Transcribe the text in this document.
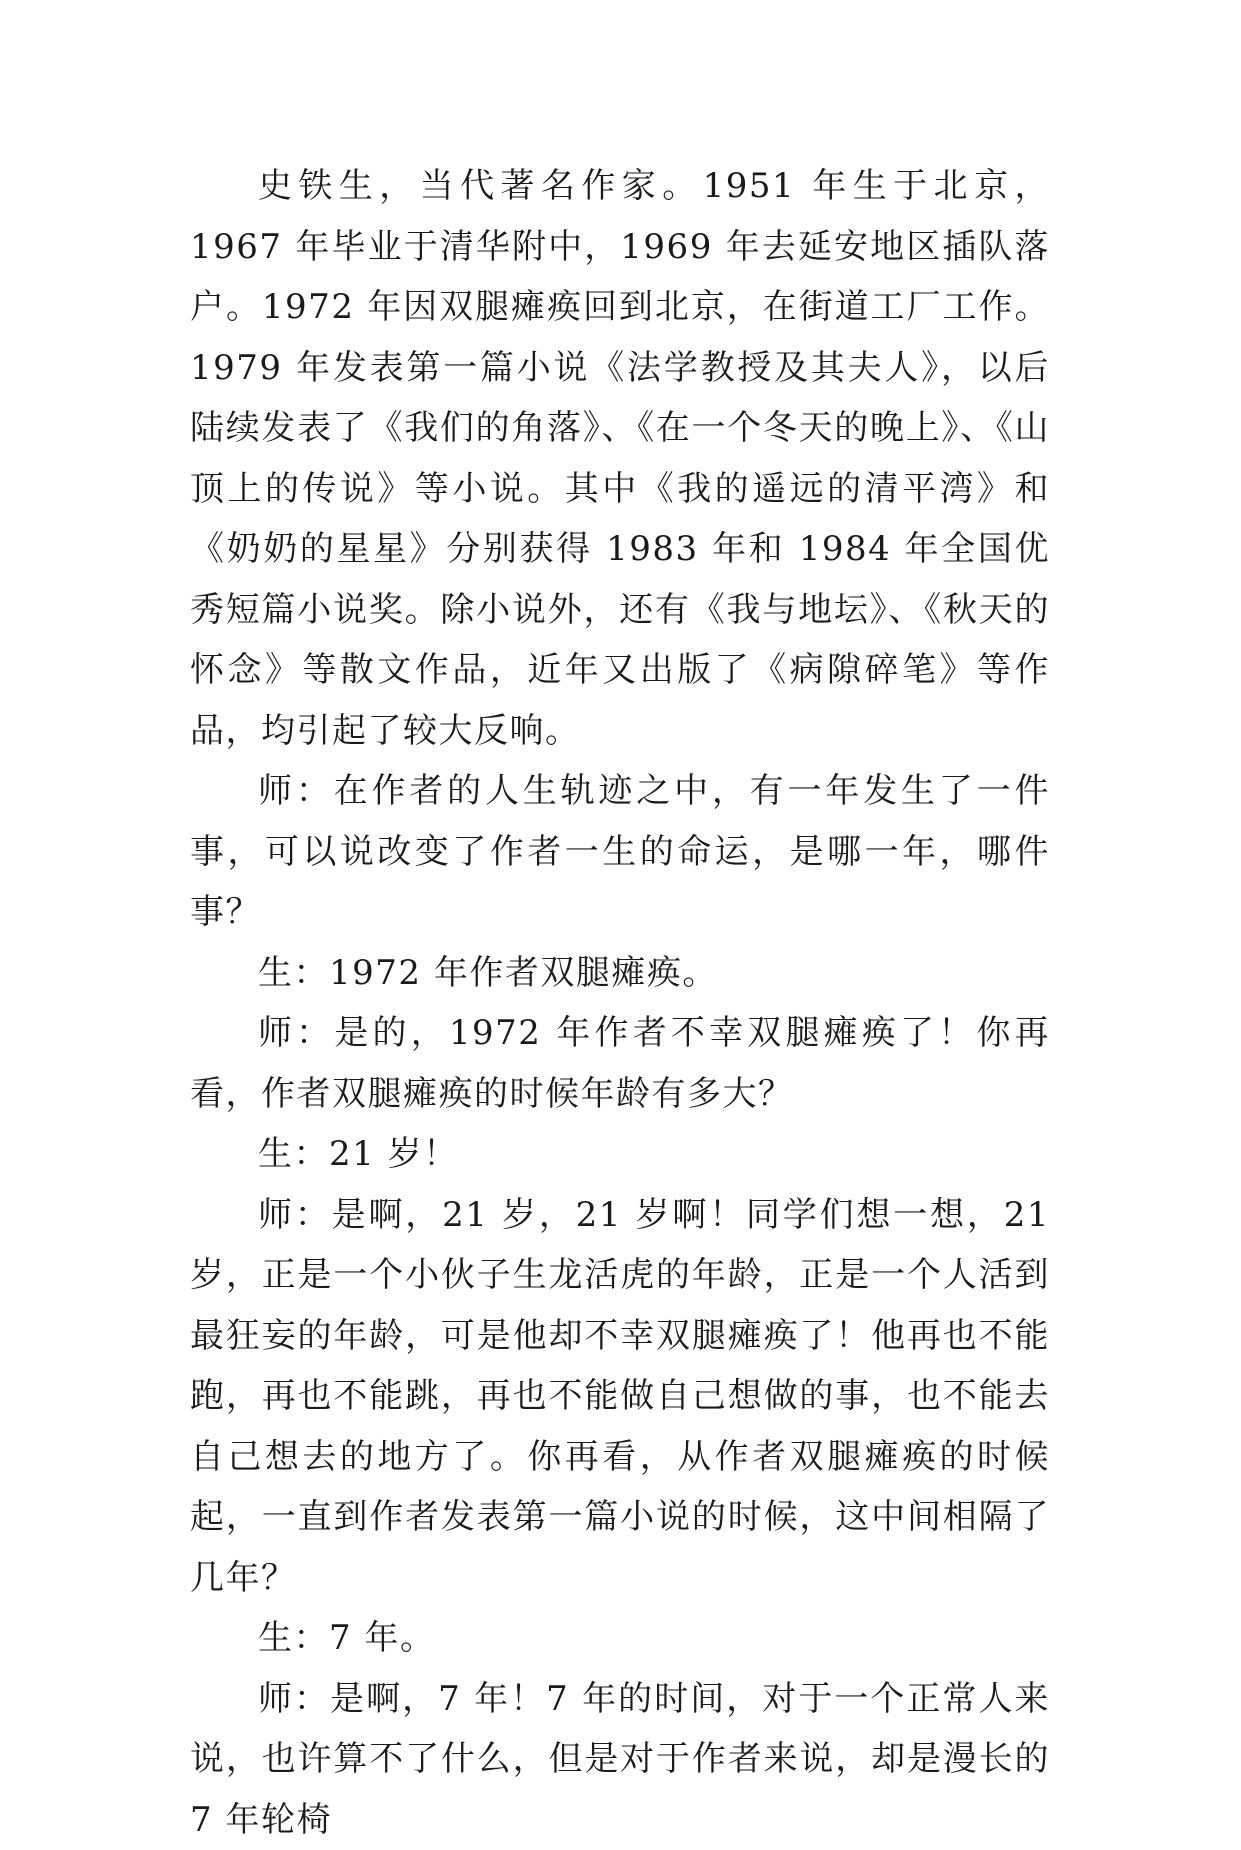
史铁生，当代著名作家。1951 年生于北京，1967 年毕业于清华附中，1969 年去延安地区插队落户。1972 年因双腿瘫痪回到北京，在街道工厂工作。1979 年发表第一篇小说《法学教授及其夫人》，以后陆续发表了《我们的角落》、《在一个冬天的晚上》、《山顶上的传说》等小说。其中《我的遥远的清平湾》和《奶奶的星星》分别获得 1983 年和 1984 年全国优秀短篇小说奖。除小说外，还有《我与地坛》、《秋天的怀念》等散文作品，近年又出版了《病隙碎笔》等作品，均引起了较大反响。

师：在作者的人生轨迹之中，有一年发生了一件事，可以说改变了作者一生的命运，是哪一年，哪件事？

生：1972 年作者双腿瘫痪。

师：是的，1972 年作者不幸双腿瘫痪了！你再看，作者双腿瘫痪的时候年龄有多大？

生：21 岁！

师：是啊，21 岁，21 岁啊！同学们想一想，21 岁，正是一个小伙子生龙活虎的年龄，正是一个人活到最狂妄的年龄，可是他却不幸双腿瘫痪了！他再也不能跑，再也不能跳，再也不能做自己想做的事，也不能去自己想去的地方了。你再看，从作者双腿瘫痪的时候起，一直到作者发表第一篇小说的时候，这中间相隔了几年？

生：7 年。

师：是啊，7 年！7 年的时间，对于一个正常人来说，也许算不了什么，但是对于作者来说，却是漫长的 7 年轮椅
